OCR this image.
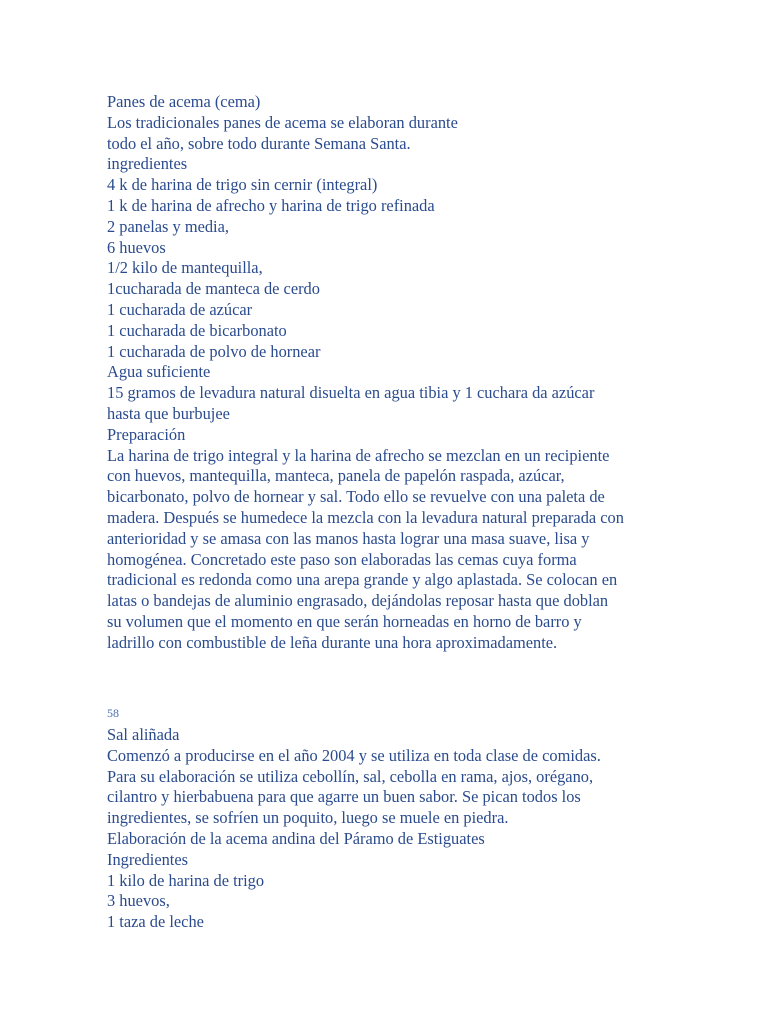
Panes de acema (cema)
Los tradicionales panes de acema se elaboran durante
todo el año, sobre todo durante Semana Santa.
ingredientes
4 k de harina de trigo sin cernir (integral)
1 k de harina de afrecho y harina de trigo refinada
2 panelas y media,
6 huevos
1/2 kilo de mantequilla,
1cucharada de manteca de cerdo
1 cucharada de azúcar
1 cucharada de bicarbonato
1 cucharada de polvo de hornear
Agua suficiente
15 gramos de levadura natural disuelta en agua tibia y 1 cuchara da azúcar
hasta que burbujee
Preparación
La harina de trigo integral y la harina de afrecho se mezclan en un recipiente
con huevos, mantequilla, manteca, panela de papelón raspada, azúcar,
bicarbonato, polvo de hornear y sal. Todo ello se revuelve con una paleta de
madera. Después se humedece la mezcla con la levadura natural preparada con
anterioridad y se amasa con las manos hasta lograr una masa suave, lisa y
homogénea. Concretado este paso son elaboradas las cemas cuya forma
tradicional es redonda como una arepa grande y algo aplastada. Se colocan en
latas o bandejas de aluminio engrasado, dejándolas reposar hasta que doblan
su volumen que el momento en que serán horneadas en horno de barro y
ladrillo con combustible de leña durante una hora aproximadamente.
58
Sal aliñada
Comenzó a producirse en el año 2004 y se utiliza en toda clase de comidas.
Para su elaboración se utiliza cebollín, sal, cebolla en rama, ajos, orégano,
cilantro y hierbabuena para que agarre un buen sabor. Se pican todos los
ingredientes, se sofríen un poquito, luego se muele en piedra.
Elaboración de la acema andina del Páramo de Estiguates
Ingredientes
1 kilo de harina de trigo
3 huevos,
1 taza de leche
